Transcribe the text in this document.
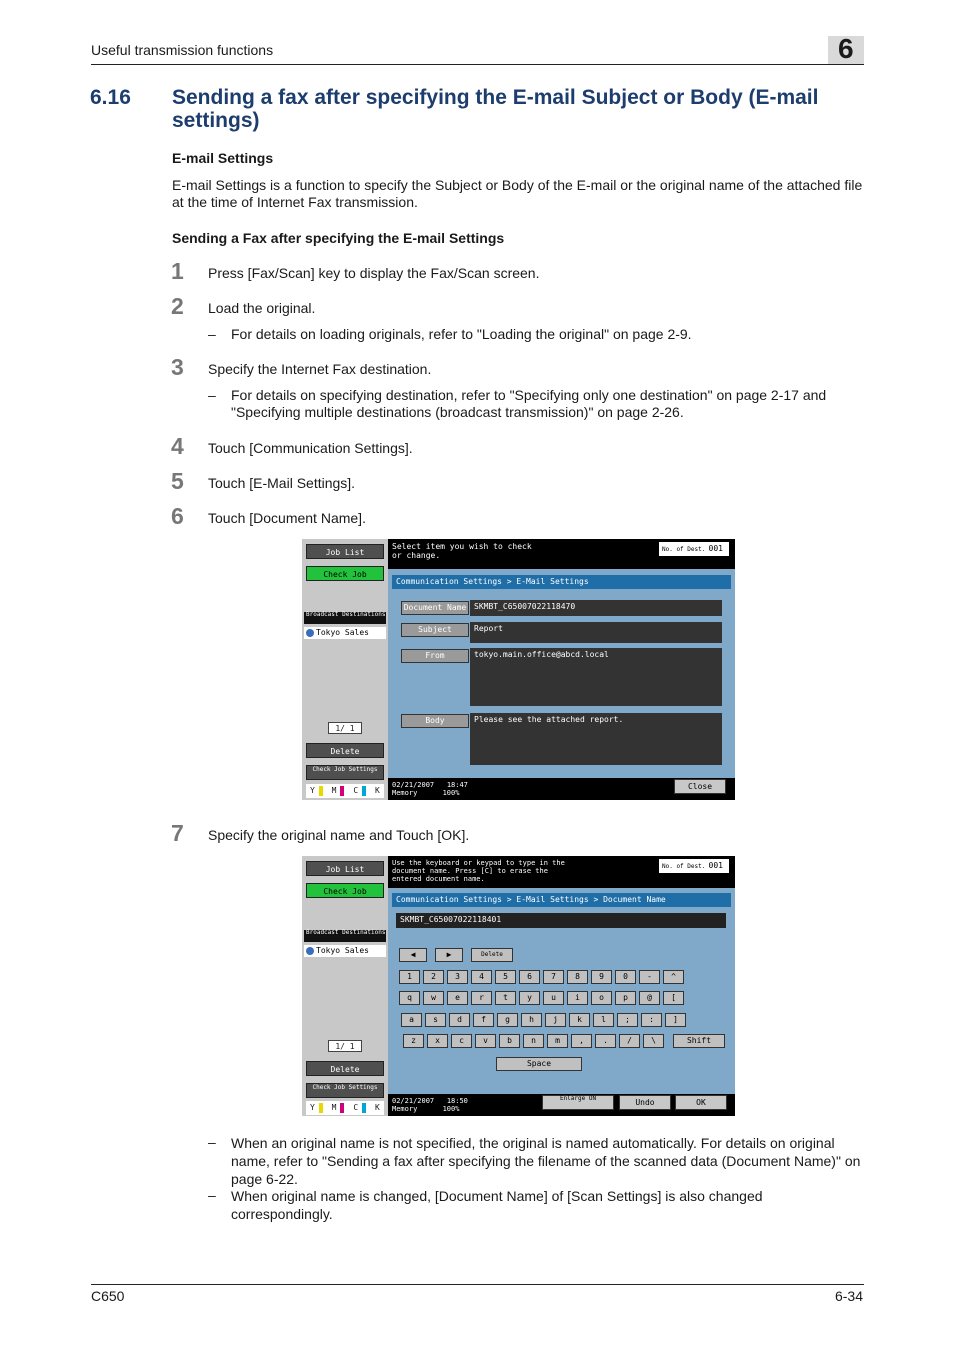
Useful transmission functions	6
6.16 Sending a fax after specifying the E-mail Subject or Body (E-mail settings)
E-mail Settings
E-mail Settings is a function to specify the Subject or Body of the E-mail or the original name of the attached file at the time of Internet Fax transmission.
Sending a Fax after specifying the E-mail Settings
1 Press [Fax/Scan] key to display the Fax/Scan screen.
2 Load the original.
– For details on loading originals, refer to "Loading the original" on page 2-9.
3 Specify the Internet Fax destination.
– For details on specifying destination, refer to "Specifying only one destination" on page 2-17 and "Specifying multiple destinations (broadcast transmission)" on page 2-26.
4 Touch [Communication Settings].
5 Touch [E-Mail Settings].
6 Touch [Document Name].
Job List
Check Job
Broadcast Destinations
Tokyo Sales
1/ 1
Delete
Check Job Settings
Y M C K
Select item you wish to check or change.
No. of Dest. 001
Communication Settings > E-Mail Settings
Document Name SKMBT_C65007022118470
Subject	Report
From	tokyo.main.office@abcd.local
Body	Please see the attached report.
02/21/2007 18:47
Memory	100%
Close
7 Specify the original name and Touch [OK].
Job List
Check Job
Broadcast Destinations
Tokyo Sales
1/ 1
Delete
Check Job Settings
Y M C K
Use the keyboard or keypad to type in the document name. Press [C] to erase the entered document name.
No. of Dest. 001
Communication Settings > E-Mail Settings > Document Name
SKMBT_C65007022118401
◀	▶	Delete
1	2	3	4	5	6	7	8	9	0	-	^
q	w	e	r	t	y	u	i	o	p	@	[
a	s	d	f	g	h	j	k	l	;	:	]
z	x	c	v	b	n	m	,	.	/	\	Shift
Space
02/21/2007 18:50
Memory	100%
Enlarge ON	Undo	OK
– When an original name is not specified, the original is named automatically. For details on original name, refer to "Sending a fax after specifying the filename of the scanned data (Document Name)" on page 6-22.
– When original name is changed, [Document Name] of [Scan Settings] is also changed correspondingly.
C650	6-34
